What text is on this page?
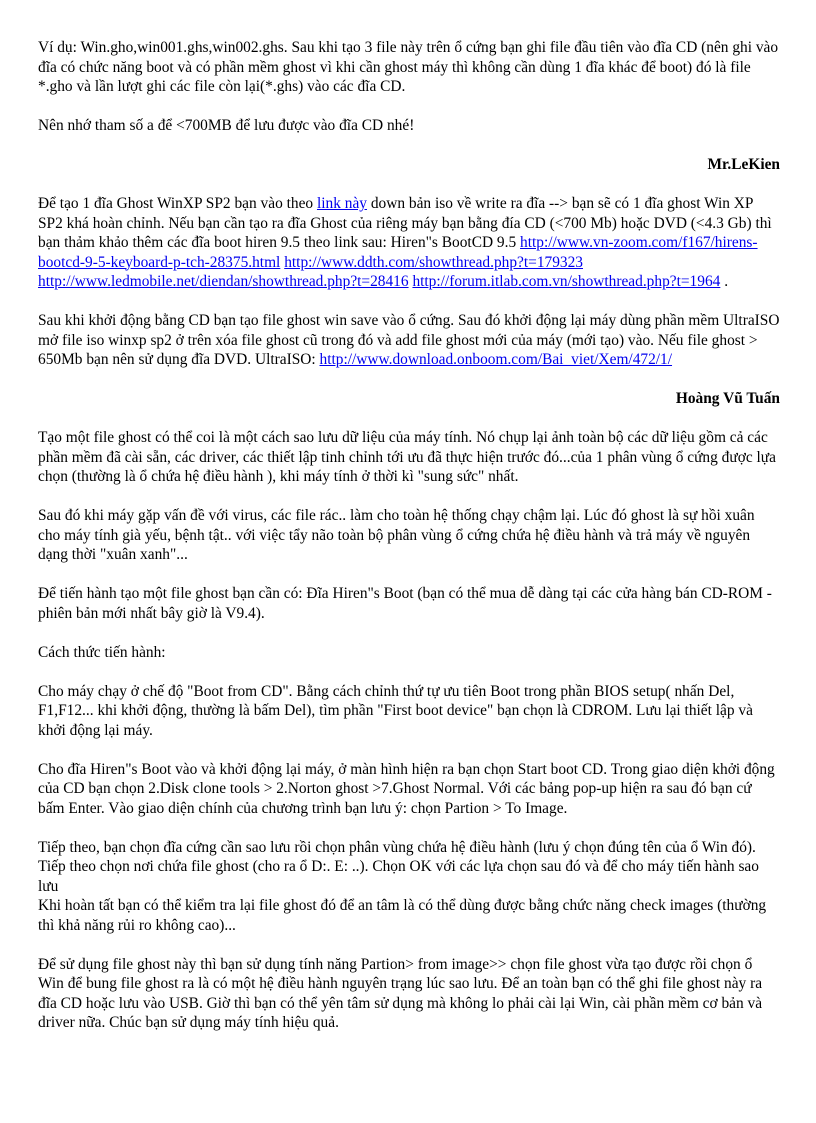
Ví dụ: Win.gho,win001.ghs,win002.ghs. Sau khi tạo 3 file này trên ổ cứng bạn ghi file đầu tiên vào đĩa CD (nên ghi vào đĩa có chức năng boot và có phần mềm ghost vì khi cần ghost máy thì không cần dùng 1 đĩa khác để boot) đó là file *.gho và lần lượt ghi các file còn lại(*.ghs) vào các đĩa CD.

Nên nhớ tham số a để <700MB để lưu được vào đĩa CD nhé!

Mr.LeKien

Để tạo 1 đĩa Ghost WinXP SP2 bạn vào theo link này down bản iso về write ra đĩa --> bạn sẽ có 1 đĩa ghost Win XP SP2 khá hoàn chỉnh. Nếu bạn cần tạo ra đĩa Ghost của riêng máy bạn bằng đía CD (<700 Mb) hoặc DVD (<4.3 Gb) thì bạn thảm khảo thêm các đĩa boot hiren 9.5 theo link sau: Hiren"s BootCD 9.5 http://www.vn-zoom.com/f167/hirens-bootcd-9-5-keyboard-p-tch-28375.html http://www.ddth.com/showthread.php?t=179323 http://www.ledmobile.net/diendan/showthread.php?t=28416 http://forum.itlab.com.vn/showthread.php?t=1964 .

Sau khi khởi động bằng CD bạn tạo file ghost win save vào ổ cứng. Sau đó khởi động lại máy dùng phần mềm UltraISO mở file iso winxp sp2 ở trên xóa file ghost cũ trong đó và add file ghost mới của máy (mới tạo) vào. Nếu file ghost > 650Mb bạn nên sử dụng đĩa DVD. UltraISO: http://www.download.onboom.com/Bai_viet/Xem/472/1/

Hoàng Vũ Tuấn

Tạo một file ghost có thể coi là một cách sao lưu dữ liệu của máy tính. Nó chụp lại ảnh toàn bộ các dữ liệu gồm cả các phần mềm đã cài sẵn, các driver, các thiết lập tinh chỉnh tới ưu đã thực hiện trước đó...của 1 phân vùng ổ cứng được lựa chọn (thường là ổ chứa hệ điều hành ), khi máy tính ở thời kì "sung sức" nhất.

Sau đó khi máy gặp vấn đề với virus, các file rác.. làm cho toàn hệ thống chạy chậm lại. Lúc đó ghost là sự hồi xuân cho máy tính già yếu, bệnh tật.. với việc tẩy não toàn bộ phân vùng ổ cứng chứa hệ điều hành và trả máy về nguyên dạng thời "xuân xanh"...

Để tiến hành tạo một file ghost bạn cần có: Đĩa Hiren"s Boot (bạn có thể mua dễ dàng tại các cửa hàng bán CD-ROM - phiên bản mới nhất bây giờ là V9.4).

Cách thức tiến hành:

Cho máy chạy ở chế độ "Boot from CD". Bằng cách chỉnh thứ tự ưu tiên Boot trong phần BIOS setup( nhấn Del, F1,F12... khi khởi động, thường là bấm Del), tìm phần "First boot device" bạn chọn là CDROM. Lưu lại thiết lập và khởi động lại máy.

Cho đĩa Hiren"s Boot vào và khởi động lại máy, ở màn hình hiện ra bạn chọn Start boot CD. Trong giao diện khởi động của CD bạn chọn 2.Disk clone tools > 2.Norton ghost >7.Ghost Normal. Với các bảng pop-up hiện ra sau đó bạn cứ bấm Enter. Vào giao diện chính của chương trình bạn lưu ý: chọn Partion > To Image.

Tiếp theo, bạn chọn đĩa cứng cần sao lưu rồi chọn phân vùng chứa hệ điều hành (lưu ý chọn đúng tên của ổ Win đó). Tiếp theo chọn nơi chứa file ghost (cho ra ổ D:. E: ..). Chọn OK với các lựa chọn sau đó và để cho máy tiến hành sao lưu

Khi hoàn tất bạn có thể kiểm tra lại file ghost đó để an tâm là có thể dùng được bằng chức năng check images (thường thì khả năng rủi ro không cao)...

Để sử dụng file ghost này thì bạn sử dụng tính năng Partion> from image>> chọn file ghost vừa tạo được rồi chọn ổ Win để bung file ghost ra là có một hệ điều hành nguyên trạng lúc sao lưu. Để an toàn bạn có thể ghi file ghost này ra đĩa CD hoặc lưu vào USB. Giờ thì bạn có thể yên tâm sử dụng mà không lo phải cài lại Win, cài phần mềm cơ bản và driver nữa. Chúc bạn sử dụng máy tính hiệu quả.
